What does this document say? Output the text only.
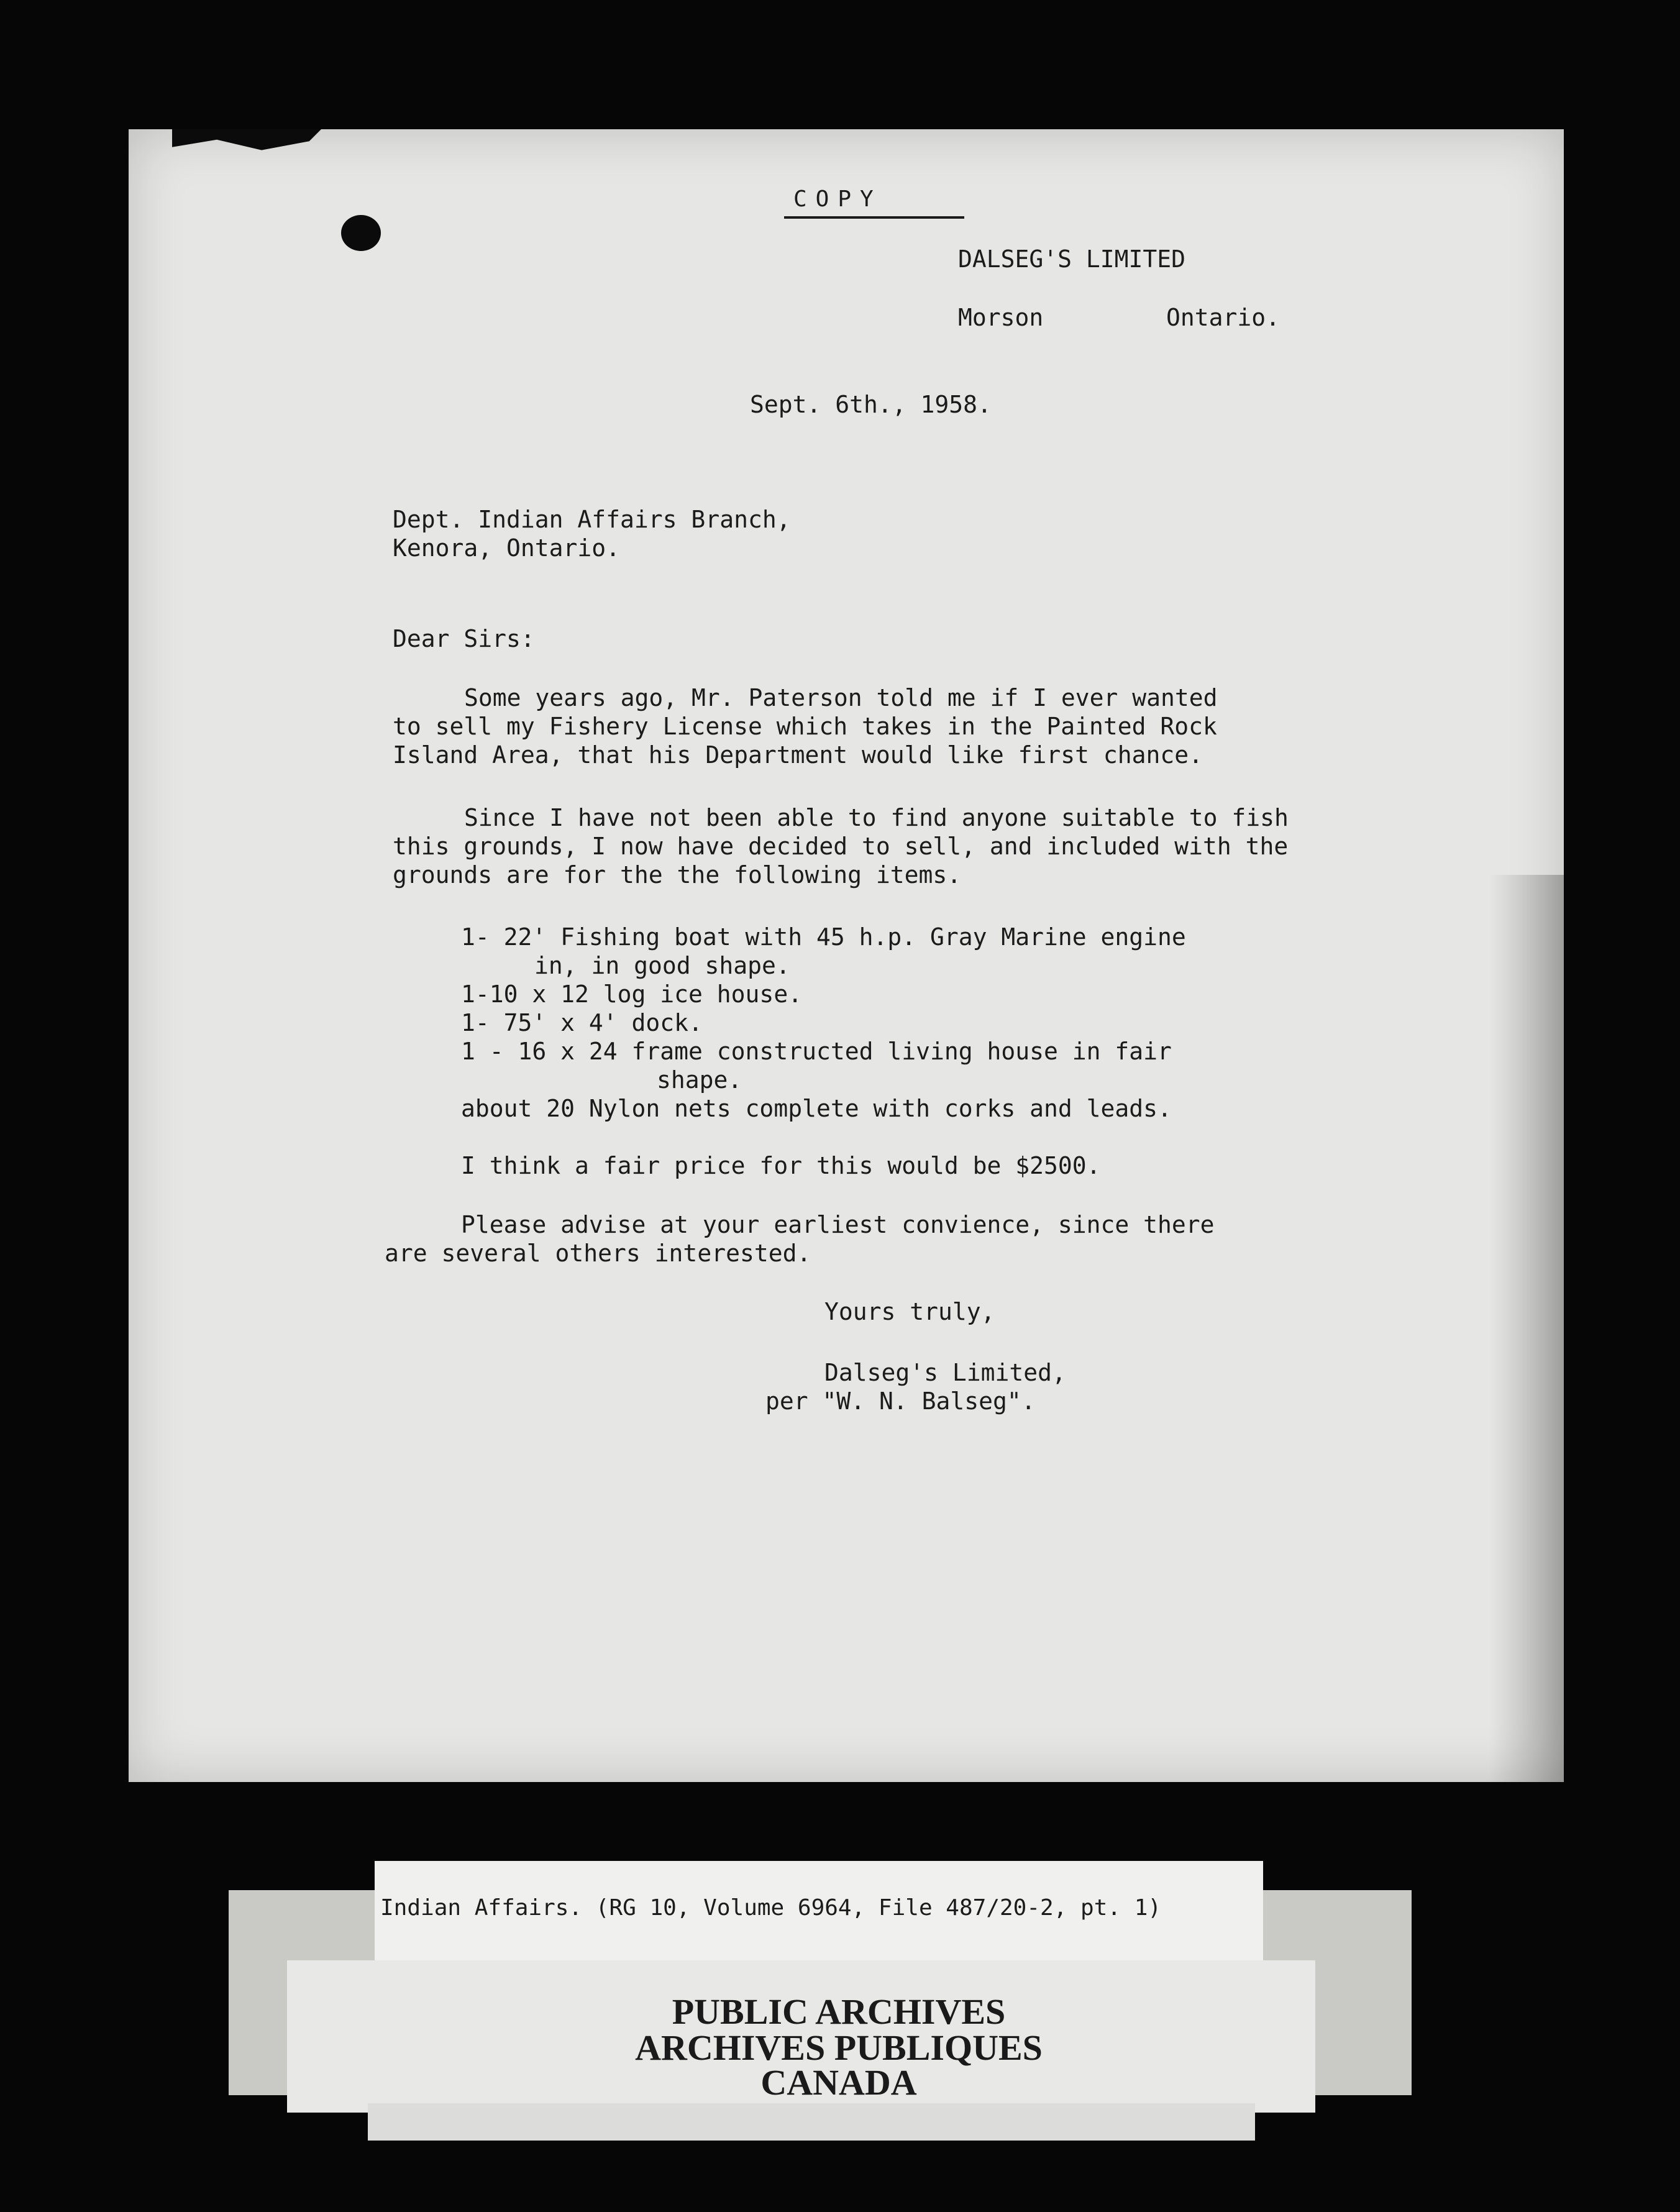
COPY

DALSEG'S LIMITED

Morson	Ontario.

Sept. 6th., 1958.

Dept. Indian Affairs Branch,

Kenora, Ontario.

Dear Sirs:

Some years ago, Mr. Paterson told me if I ever wanted

to sell my Fishery License which takes in the Painted Rock

Island Area, that his Department would like first chance.

Since I have not been able to find anyone suitable to fish

this grounds, I now have decided to sell, and included with the

grounds are for the the following items.

1- 22' Fishing boat with 45 h.p. Gray Marine engine

in, in good shape.

1-10 x 12 log ice house.

1- 75' x 4' dock.

1 - 16 x 24 frame constructed living house in fair

shape.

about 20 Nylon nets complete with corks and leads.

I think a fair price for this would be $2500.

Please advise at your earliest convience, since there

are several others interested.

Yours truly,

Dalseg's Limited,

per "W. N. Balseg".

Indian Affairs. (RG 10, Volume 6964, File 487/20-2, pt. 1)
PUBLIC ARCHIVES
ARCHIVES PUBLIQUES
CANADA
